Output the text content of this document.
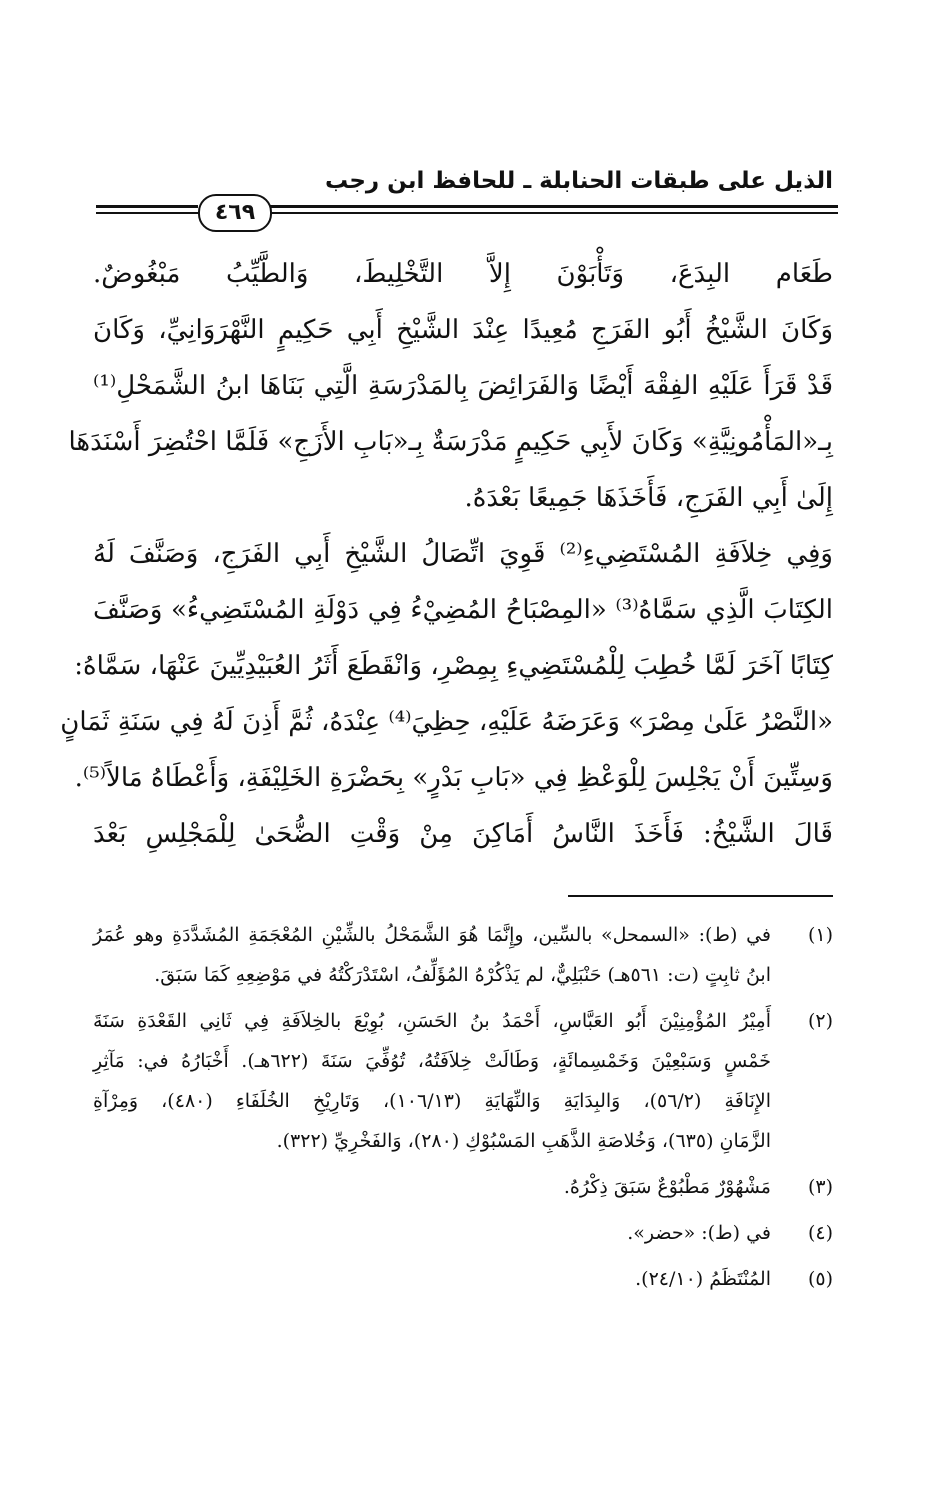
الذيل على طبقات الحنابلة ـ للحافظ ابن رجب
٤٦٩
طَعَام البِدَعَ، وَتَأْبَوْنَ إِلاَّ التَّخْلِيطَ، وَالطَّيِّبُ مَبْغُوضٌ.
وَكَانَ الشَّيْخُ أَبُو الفَرَجِ مُعِيدًا عِنْدَ الشَّيْخِ أَبِي حَكِيمٍ النَّهْرَوَانِيِّ، وَكَانَ
قَدْ قَرَأَ عَلَيْهِ الفِقْهَ أَيْضًا وَالفَرَائِضَ بِالمَدْرَسَةِ الَّتِي بَنَاهَا ابنُ الشَّمَحْلِ⁽¹⁾
بِـ«المَأْمُونِيَّةِ» وَكَانَ لأَبِي حَكِيمٍ مَدْرَسَةٌ بِـ«بَابِ الأَزَجِ» فَلَمَّا احْتُضِرَ أَسْنَدَهَا
إِلَىٰ أَبِي الفَرَجِ، فَأَخَذَهَا جَمِيعًا بَعْدَهُ.
وَفِي خِلاَفَةِ المُسْتَضِيءِ⁽²⁾ قَوِيَ اتِّصَالُ الشَّيْخِ أَبِي الفَرَجِ، وَصَنَّفَ لَهُ
الكِتَابَ الَّذِي سَمَّاهُ⁽³⁾ «المِصْبَاحُ المُضِيْءُ فِي دَوْلَةِ المُسْتَضِيءُ» وَصَنَّفَ
كِتَابًا آخَرَ لَمَّا خُطِبَ لِلْمُسْتَضِيءِ بِمِصْرِ، وَانْقَطَعَ أَثَرُ العُبَيْدِيِّينَ عَنْهَا، سَمَّاهُ:
«النَّصْرُ عَلَىٰ مِصْرَ» وَعَرَضَهُ عَلَيْهِ، حِظِيَ⁽⁴⁾ عِنْدَهُ، ثُمَّ أَذِنَ لَهُ فِي سَنَةِ ثَمَانٍ
وَسِتِّينَ أَنْ يَجْلِسَ لِلْوَعْظِ فِي «بَابِ بَدْرٍ» بِحَضْرَةِ الخَلِيْفَةِ، وَأَعْطَاهُ مَالاً⁽⁵⁾.
قَالَ الشَّيْخُ: فَأَخَذَ النَّاسُ أَمَاكِنَ مِنْ وَقْتِ الضُّحَىٰ لِلْمَجْلِسِ بَعْدَ
(١)
في (ط): «السمحل» بالسِّين، وإِنَّمَا هُوَ الشَّمَحْلُ بالشِّيْنِ المُعْجَمَةِ المُشَدَّدَةِ وهو عُمَرُ
ابنُ ثابِتٍ (ت: ٥٦١هـ) حَنْبَلِيٌّ، لم يَذْكُرْهُ المُؤَلِّفُ، اسْتَدْرَكْتُهُ في مَوْضِعِهِ كَمَا سَبَقَ.
(٢)
أَمِيْرُ المُؤْمِنِيْنَ أَبُو العَبَّاسِ، أَحْمَدُ بنُ الحَسَنِ، بُوِيْعَ بالخِلاَفَةِ فِي ثَانِي القَعْدَةِ سَنَةَ
خَمْسٍ وَسَبْعِيْنَ وَخَمْسِمائَةٍ، وَطَالَتْ خِلاَفَتُهُ، تُوُفِّيَ سَنَةَ (٦٢٢هـ). أَخْبَارُهُ في: مَآثِرِ
الإِنَافَةِ (٥٦/٢)، وَالبِدَايَةِ وَالنِّهَايَةِ (١٠٦/١٣)، وَتَارِيْخِ الخُلَفَاءِ (٤٨٠)، وَمِرْآةِ
الزَّمَانِ (٦٣٥)، وَخُلاصَةِ الذَّهَبِ المَسْبُوْكِ (٢٨٠)، وَالفَخْرِيِّ (٣٢٢).
(٣)
مَشْهُوْرٌ مَطْبُوْعٌ سَبَقَ ذِكْرُهُ.
(٤)
في (ط): «حضر».
(٥)
المُنْتَظَمُ (٢٤/١٠).
